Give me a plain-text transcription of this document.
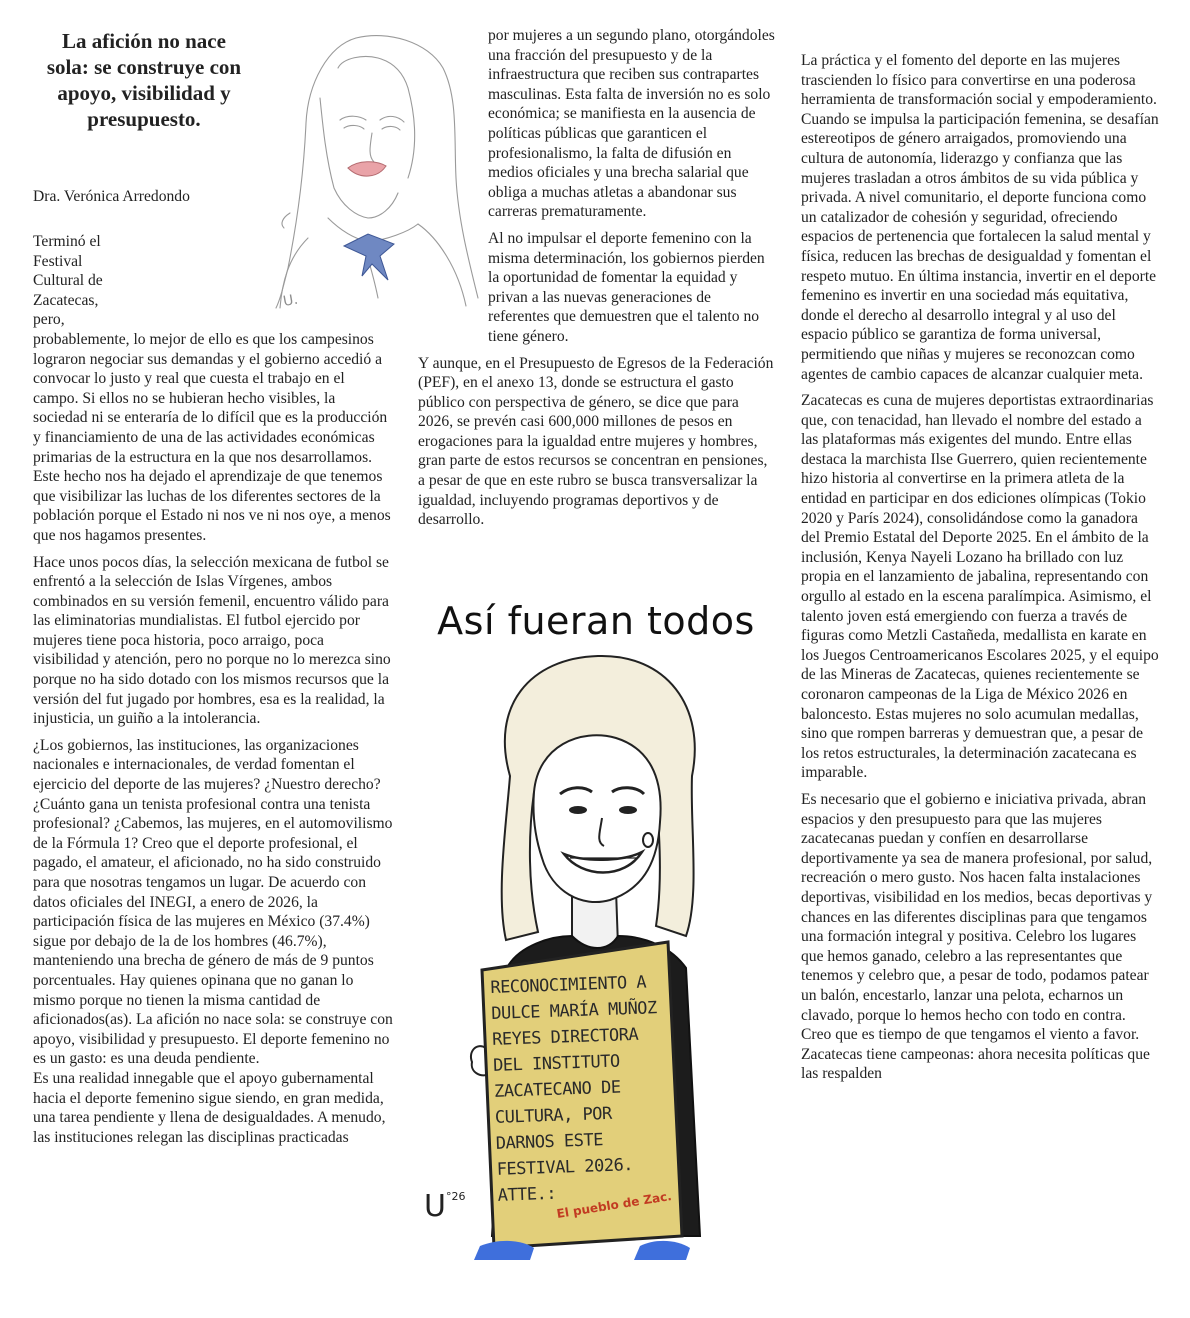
La afición no nace sola: se construye con apoyo, visibilidad y presupuesto.

Dra. Verónica Arredondo

U.

Terminó el Festival Cultural de Zacatecas, pero, probablemente, lo mejor de ello es que los campesinos lograron negociar sus demandas y el gobierno accedió a convocar lo justo y real que cuesta el trabajo en el campo. Si ellos no se hubieran hecho visibles, la sociedad ni se enteraría de lo difícil que es la producción y financiamiento de una de las actividades económicas primarias de la estructura en la que nos desarrollamos. Este hecho nos ha dejado el aprendizaje de que tenemos que visibilizar las luchas de los diferentes sectores de la población porque el Estado ni nos ve ni nos oye, a menos que nos hagamos presentes.

Hace unos pocos días, la selección mexicana de futbol se enfrentó a la selección de Islas Vírgenes, ambos combinados en su versión femenil, encuentro válido para las eliminatorias mundialistas. El futbol ejercido por mujeres tiene poca historia, poco arraigo, poca visibilidad y atención, pero no porque no lo merezca sino porque no ha sido dotado con los mismos recursos que la versión del fut jugado por hombres, esa es la realidad, la injusticia, un guiño a la intolerancia.

¿Los gobiernos, las instituciones, las organizaciones nacionales e internacionales, de verdad fomentan el ejercicio del deporte de las mujeres? ¿Nuestro derecho? ¿Cuánto gana un tenista profesional contra una tenista profesional? ¿Cabemos, las mujeres, en el automovilismo de la Fórmula 1? Creo que el deporte profesional, el pagado, el amateur, el aficionado, no ha sido construido para que nosotras tengamos un lugar. De acuerdo con datos oficiales del INEGI, a enero de 2026, la participación física de las mujeres en México (37.4%) sigue por debajo de la de los hombres (46.7%), manteniendo una brecha de género de más de 9 puntos porcentuales. Hay quienes opinana que no ganan lo mismo porque no tienen la misma cantidad de aficionados(as). La afición no nace sola: se construye con apoyo, visibilidad y presupuesto. El deporte femenino no es un gasto: es una deuda pendiente.

Es una realidad innegable que el apoyo gubernamental hacia el deporte femenino sigue siendo, en gran medida, una tarea pendiente y llena de desigualdades. A menudo, las instituciones relegan las disciplinas practicadas

por mujeres a un segundo plano, otorgándoles una fracción del presupuesto y de la infraestructura que reciben sus contrapartes masculinas. Esta falta de inversión no es solo económica; se manifiesta en la ausencia de políticas públicas que garanticen el profesionalismo, la falta de difusión en medios oficiales y una brecha salarial que obliga a muchas atletas a abandonar sus carreras prematuramente.

Al no impulsar el deporte femenino con la misma determinación, los gobiernos pierden la oportunidad de fomentar la equidad y privan a las nuevas generaciones de referentes que demuestren que el talento no tiene género.

Y aunque, en el Presupuesto de Egresos de la Federación (PEF), en el anexo 13, donde se estructura el gasto público con perspectiva de género, se dice que para 2026, se prevén casi 600,000 millones de pesos en erogaciones para la igualdad entre mujeres y hombres, gran parte de estos recursos se concentran en pensiones, a pesar de que en este rubro se busca transversalizar la igualdad, incluyendo programas deportivos y de desarrollo.

La práctica y el fomento del deporte en las mujeres trascienden lo físico para convertirse en una poderosa herramienta de transformación social y empoderamiento. Cuando se impulsa la participación femenina, se desafían estereotipos de género arraigados, promoviendo una cultura de autonomía, liderazgo y confianza que las mujeres trasladan a otros ámbitos de su vida pública y privada. A nivel comunitario, el deporte funciona como un catalizador de cohesión y seguridad, ofreciendo espacios de pertenencia que fortalecen la salud mental y física, reducen las brechas de desigualdad y fomentan el respeto mutuo. En última instancia, invertir en el deporte femenino es invertir en una sociedad más equitativa, donde el derecho al desarrollo integral y al uso del espacio público se garantiza de forma universal, permitiendo que niñas y mujeres se reconozcan como agentes de cambio capaces de alcanzar cualquier meta.

Zacatecas es cuna de mujeres deportistas extraordinarias que, con tenacidad, han llevado el nombre del estado a las plataformas más exigentes del mundo. Entre ellas destaca la marchista Ilse Guerrero, quien recientemente hizo historia al convertirse en la primera atleta de la entidad en participar en dos ediciones olímpicas (Tokio 2020 y París 2024), consolidándose como la ganadora del Premio Estatal del Deporte 2025. En el ámbito de la inclusión, Kenya Nayeli Lozano ha brillado con luz propia en el lanzamiento de jabalina, representando con orgullo al estado en la escena paralímpica. Asimismo, el talento joven está emergiendo con fuerza a través de figuras como Metzli Castañeda, medallista en karate en los Juegos Centroamericanos Escolares 2025, y el equipo de las Mineras de Zacatecas, quienes recientemente se coronaron campeonas de la Liga de México 2026 en baloncesto. Estas mujeres no solo acumulan medallas, sino que rompen barreras y demuestran que, a pesar de los retos estructurales, la determinación zacatecana es imparable.

Es necesario que el gobierno e iniciativa privada, abran espacios y den presupuesto para que las mujeres zacatecanas puedan y confíen en desarrollarse deportivamente ya sea de manera profesional, por salud, recreación o mero gusto. Nos hacen falta instalaciones deportivas, visibilidad en los medios, becas deportivas y chances en las diferentes disciplinas para que tengamos una formación integral y positiva. Celebro los lugares que hemos ganado, celebro a las representantes que tenemos y celebro que, a pesar de todo, podamos patear un balón, encestarlo, lanzar una pelota, echarnos un clavado, porque lo hemos hecho con todo en contra. Creo que es tiempo de que tengamos el viento a favor. Zacatecas tiene campeonas: ahora necesita políticas que las respalden

Así fueran todos
U °26
RECONOCIMIENTO A DULCE MARÍA MUÑOZ REYES DIRECTORA DEL INSTITUTO ZACATECANO DE CULTURA, POR DARNOS ESTE FESTIVAL 2026. ATTE.: El pueblo de Zac.
